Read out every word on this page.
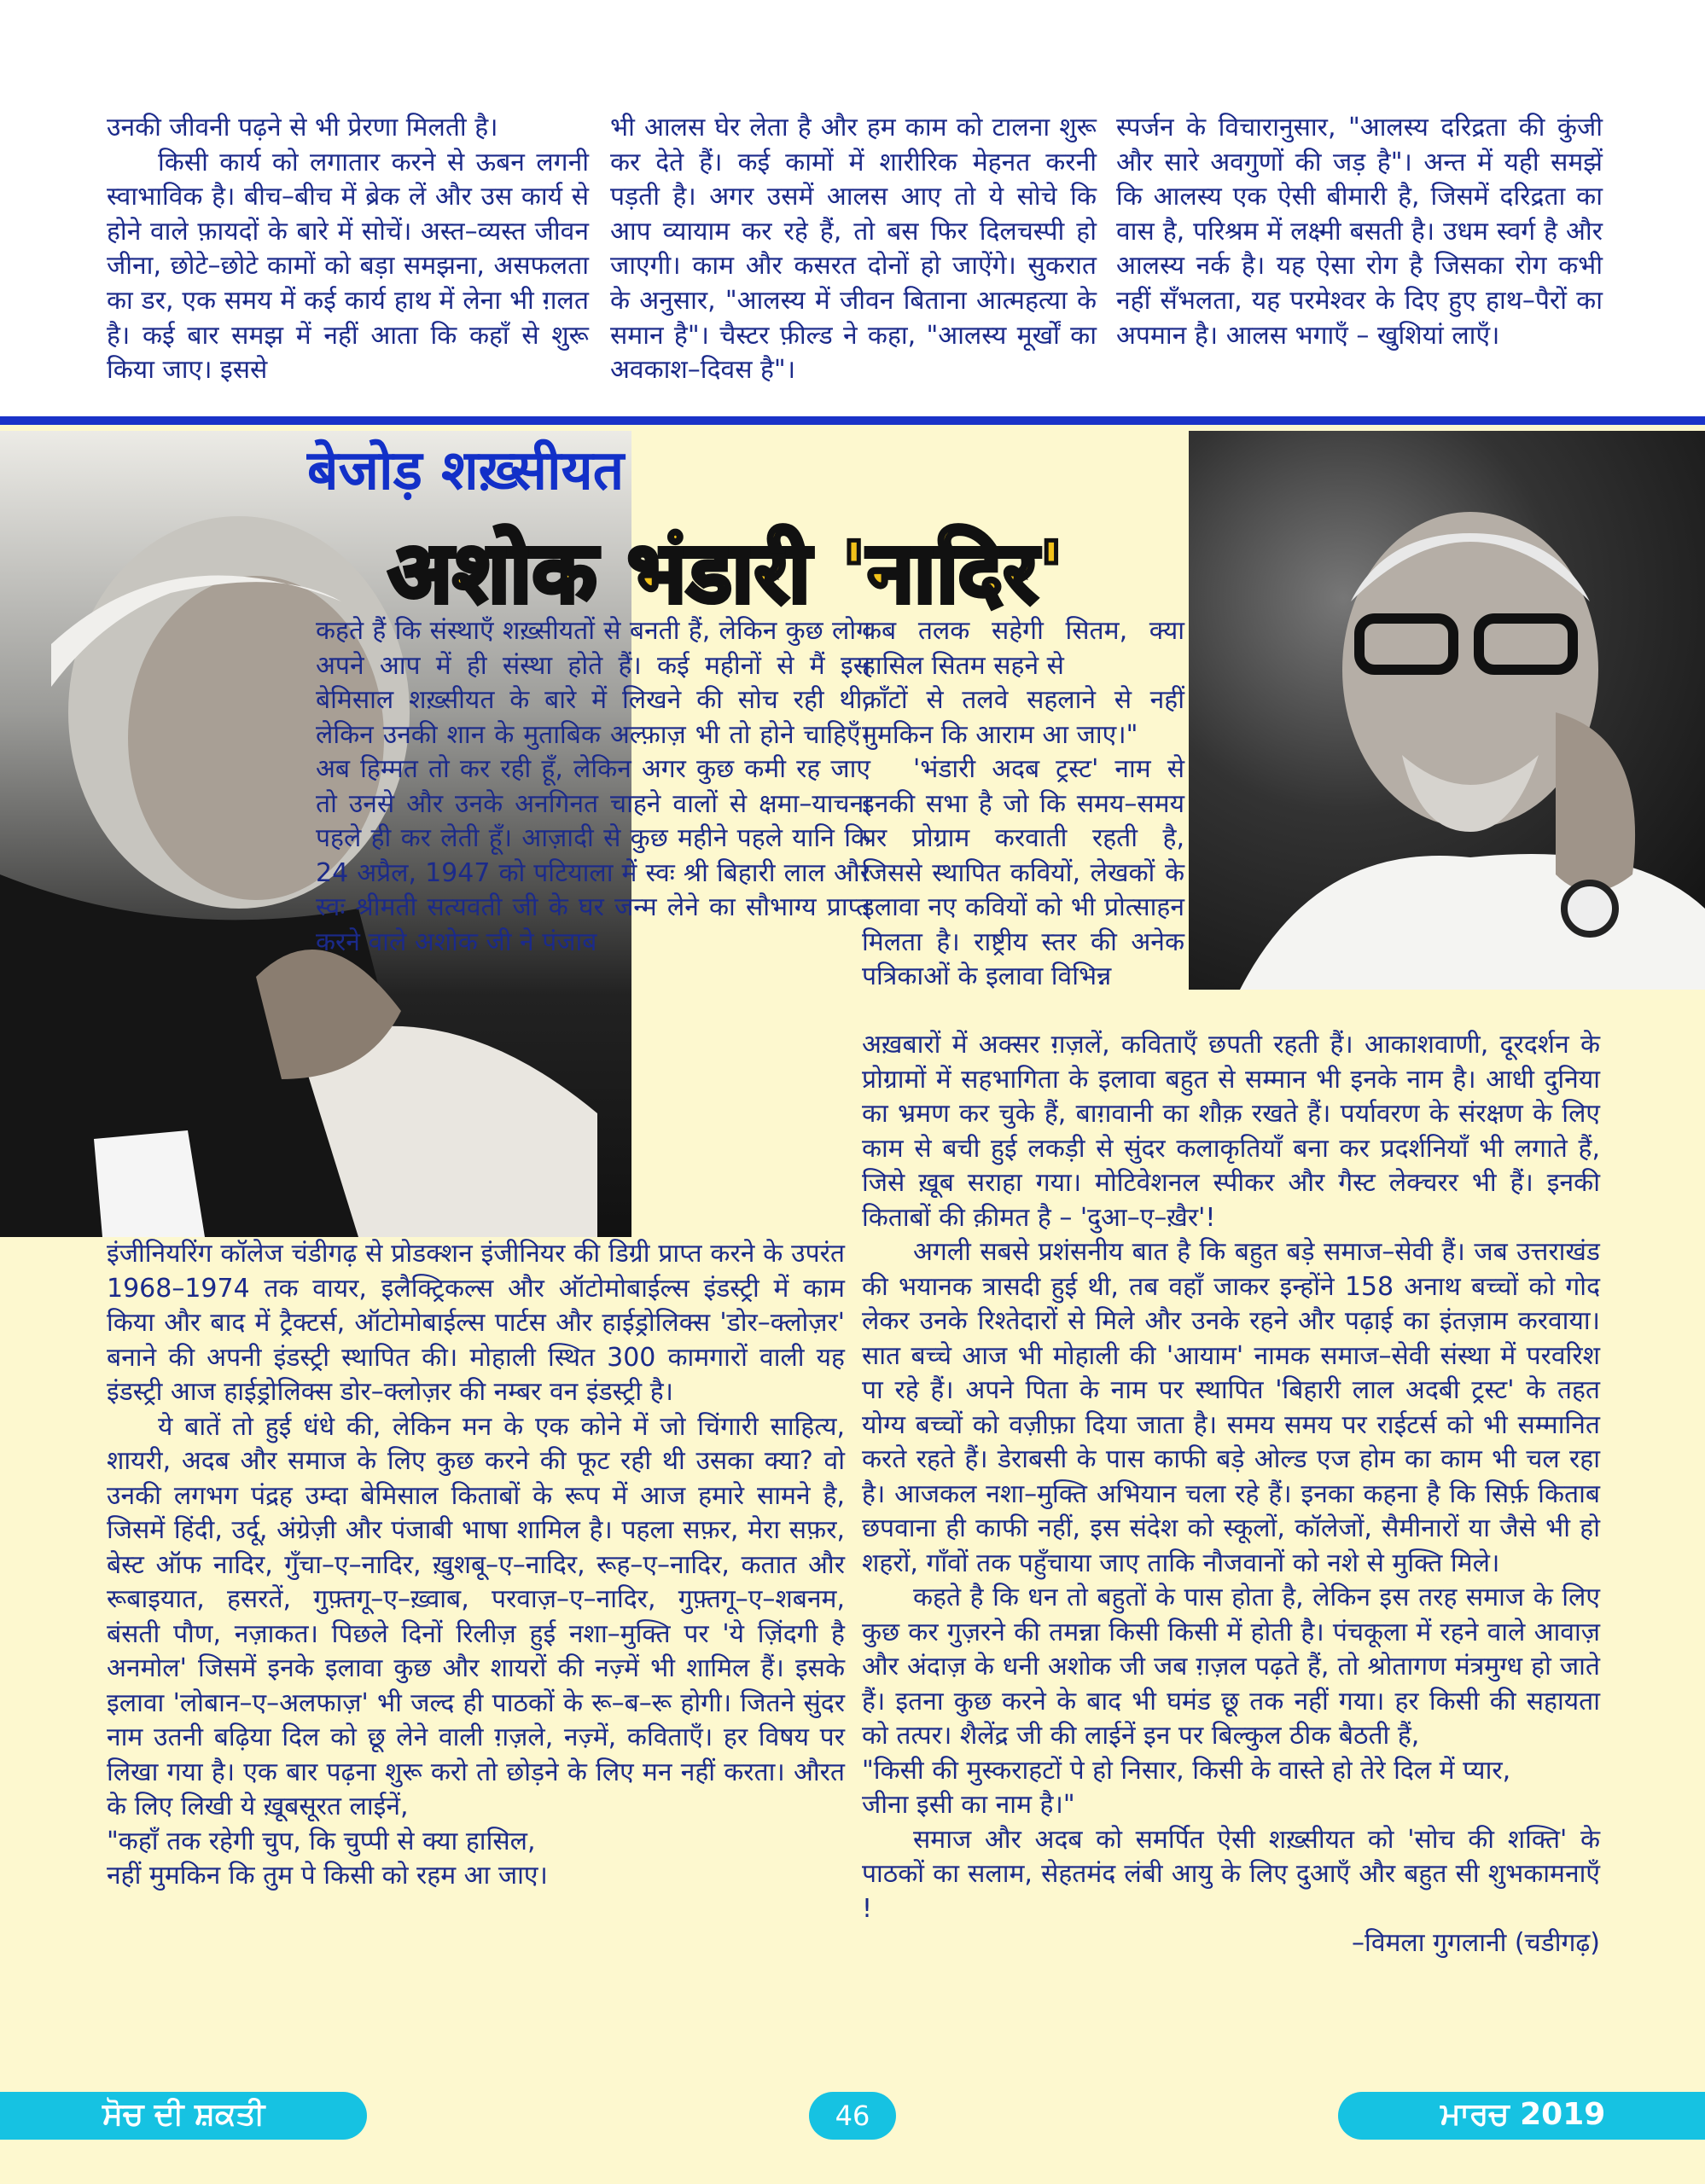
उनकी जीवनी पढ़ने से भी प्रेरणा मिलती है।

किसी कार्य को लगातार करने से ऊबन लगनी स्वाभाविक है। बीच–बीच में ब्रेक लें और उस कार्य से होने वाले फ़ायदों के बारे में सोचें। अस्त–व्यस्त जीवन जीना, छोटे–छोटे कामों को बड़ा समझना, असफलता का डर, एक समय में कई कार्य हाथ में लेना भी ग़लत है। कई बार समझ में नहीं आता कि कहाँ से शुरू किया जाए। इससे

भी आलस घेर लेता है और हम काम को टालना शुरू कर देते हैं। कई कामों में शारीरिक मेहनत करनी पड़ती है। अगर उसमें आलस आए तो ये सोचे कि आप व्यायाम कर रहे हैं, तो बस फिर दिलचस्पी हो जाएगी। काम और कसरत दोनों हो जाऐंगे। सुकरात के अनुसार, "आलस्य में जीवन बिताना आत्महत्या के समान है"। चैस्टर फ़ील्ड ने कहा, "आलस्य मूर्खों का अवकाश–दिवस है"।

स्पर्जन के विचारानुसार, "आलस्य दरिद्रता की कुंजी और सारे अवगुणों की जड़ है"। अन्त में यही समझें कि आलस्य एक ऐसी बीमारी है, जिसमें दरिद्रता का वास है, परिश्रम में लक्ष्मी बसती है। उधम स्वर्ग है और आलस्य नर्क है। यह ऐसा रोग है जिसका रोग कभी नहीं सँभलता, यह परमेश्वर के दिए हुए हाथ–पैरों का अपमान है। आलस भगाएँ – खुशियां लाएँ।

बेजोड़ शख़्सीयत
अशोक भंडारी 'नादिर'

कहते हैं कि संस्थाएँ शख़्सीयतों से बनती हैं, लेकिन कुछ लोग अपने आप में ही संस्था होते हैं। कई महीनों से मैं इस बेमिसाल शख़्सीयत के बारे में लिखने की सोच रही थी, लेकिन उनकी शान के मुताबिक अल्फ़ाज़ भी तो होने चाहिएँ।अब हिम्मत तो कर रही हूँ, लेकिन अगर कुछ कमी रह जाए तो उनसे और उनके अनगिनत चाहने वालों से क्षमा–याचना पहले ही कर लेती हूँ। आज़ादी से कुछ महीने पहले यानि कि 24 अप्रैल, 1947 को पटियाला में स्वः श्री बिहारी लाल और स्वः श्रीमती सत्यवती जी के घर जन्म लेने का सौभाग्य प्राप्त करने वाले अशोक जी ने पंजाब

कब तलक सहेगी सितम, क्या हासिल सितम सहने से

काँटों से तलवे सहलाने से नहीं मुमकिन कि आराम आ जाए।"

'भंडारी अदब ट्रस्ट' नाम से इनकी सभा है जो कि समय–समय पर प्रोग्राम करवाती रहती है, जिससे स्थापित कवियों, लेखकों के इलावा नए कवियों को भी प्रोत्साहन मिलता है। राष्ट्रीय स्तर की अनेक पत्रिकाओं के इलावा विभिन्न

इंजीनियरिंग कॉलेज चंडीगढ़ से प्रोडक्शन इंजीनियर की डिग्री प्राप्त करने के उपरंत 1968–1974 तक वायर, इलैक्ट्रिकल्स और ऑटोमोबाईल्स इंडस्ट्री में काम किया और बाद में ट्रैक्टर्स, ऑटोमोबाईल्स पार्टस और हाईड्रोलिक्स 'डोर–क्लोज़र' बनाने की अपनी इंडस्ट्री स्थापित की। मोहाली स्थित 300 कामगारों वाली यह इंडस्ट्री आज हाईड्रोलिक्स डोर–क्लोज़र की नम्बर वन इंडस्ट्री है।

ये बातें तो हुई धंधे की, लेकिन मन के एक कोने में जो चिंगारी साहित्य, शायरी, अदब और समाज के लिए कुछ करने की फूट रही थी उसका क्या? वो उनकी लगभग पंद्रह उम्दा बेमिसाल किताबों के रूप में आज हमारे सामने है, जिसमें हिंदी, उर्दू, अंग्रेज़ी और पंजाबी भाषा शामिल है। पहला सफ़र, मेरा सफ़र, बेस्ट ऑफ नादिर, गुँचा–ए–नादिर, ख़ुशबू–ए–नादिर, रूह–ए–नादिर, कतात और रूबाइयात, हसरतें, गुफ़्तगू–ए–ख़्वाब, परवाज़–ए–नादिर, गुफ़्तगू–ए–शबनम, बंसती पौण, नज़ाकत। पिछले दिनों रिलीज़ हुई नशा–मुक्ति पर 'ये ज़िंदगी है अनमोल' जिसमें इनके इलावा कुछ और शायरों की नज़्में भी शामिल हैं। इसके इलावा 'लोबान–ए–अलफाज़' भी जल्द ही पाठकों के रू–ब–रू होगी। जितने सुंदर नाम उतनी बढ़िया दिल को छू लेने वाली ग़ज़ले, नज़्में, कविताएँ। हर विषय पर लिखा गया है। एक बार पढ़ना शुरू करो तो छोड़ने के लिए मन नहीं करता। औरत के लिए लिखी ये ख़ूबसूरत लाईनें,

"कहाँ तक रहेगी चुप, कि चुप्पी से क्या हासिल,

नहीं मुमकिन कि तुम पे किसी को रहम आ जाए।

अख़बारों में अक्सर ग़ज़लें, कविताएँ छपती रहती हैं। आकाशवाणी, दूरदर्शन के प्रोग्रामों में सहभागिता के इलावा बहुत से सम्मान भी इनके नाम है। आधी दुनिया का भ्रमण कर चुके हैं, बाग़वानी का शौक़ रखते हैं। पर्यावरण के संरक्षण के लिए काम से बची हुई लकड़ी से सुंदर कलाकृतियाँ बना कर प्रदर्शनियाँ भी लगाते हैं, जिसे ख़ूब सराहा गया। मोटिवेशनल स्पीकर और गैस्ट लेक्चरर भी हैं। इनकी किताबों की क़ीमत है – 'दुआ–ए–ख़ैर'!

अगली सबसे प्रशंसनीय बात है कि बहुत बड़े समाज–सेवी हैं। जब उत्तराखंड की भयानक त्रासदी हुई थी, तब वहाँ जाकर इन्होंने 158 अनाथ बच्चों को गोद लेकर उनके रिश्तेदारों से मिले और उनके रहने और पढ़ाई का इंतज़ाम करवाया। सात बच्चे आज भी मोहाली की 'आयाम' नामक समाज–सेवी संस्था में परवरिश पा रहे हैं। अपने पिता के नाम पर स्थापित 'बिहारी लाल अदबी ट्रस्ट' के तहत योग्य बच्चों को वज़ीफ़ा दिया जाता है। समय समय पर राईटर्स को भी सम्मानित करते रहते हैं। डेराबसी के पास काफी बड़े ओल्ड एज होम का काम भी चल रहा है। आजकल नशा–मुक्ति अभियान चला रहे हैं। इनका कहना है कि सिर्फ़ किताब छपवाना ही काफी नहीं, इस संदेश को स्कूलों, कॉलेजों, सैमीनारों या जैसे भी हो शहरों, गाँवों तक पहुँचाया जाए ताकि नौजवानों को नशे से मुक्ति मिले।

कहते है कि धन तो बहुतों के पास होता है, लेकिन इस तरह समाज के लिए कुछ कर गुज़रने की तमन्ना किसी किसी में होती है। पंचकूला में रहने वाले आवाज़ और अंदाज़ के धनी अशोक जी जब ग़ज़ल पढ़ते हैं, तो श्रोतागण मंत्रमुग्ध हो जाते हैं। इतना कुछ करने के बाद भी घमंड छू तक नहीं गया। हर किसी की सहायता को तत्पर। शैलेंद्र जी की लाईनें इन पर बिल्कुल ठीक बैठती हैं,

"किसी की मुस्कराहटों पे हो निसार, किसी के वास्ते हो तेरे दिल में प्यार,

जीना इसी का नाम है।"

समाज और अदब को समर्पित ऐसी शख़्सीयत को 'सोच की शक्ति' के पाठकों का सलाम, सेहतमंद लंबी आयु के लिए दुआएँ और बहुत सी शुभकामनाएँ !

–विमला गुगलानी (चडीगढ़)

ਸੋਚ ਦੀ ਸ਼ਕਤੀ	46	ਮਾਰਚ 2019
